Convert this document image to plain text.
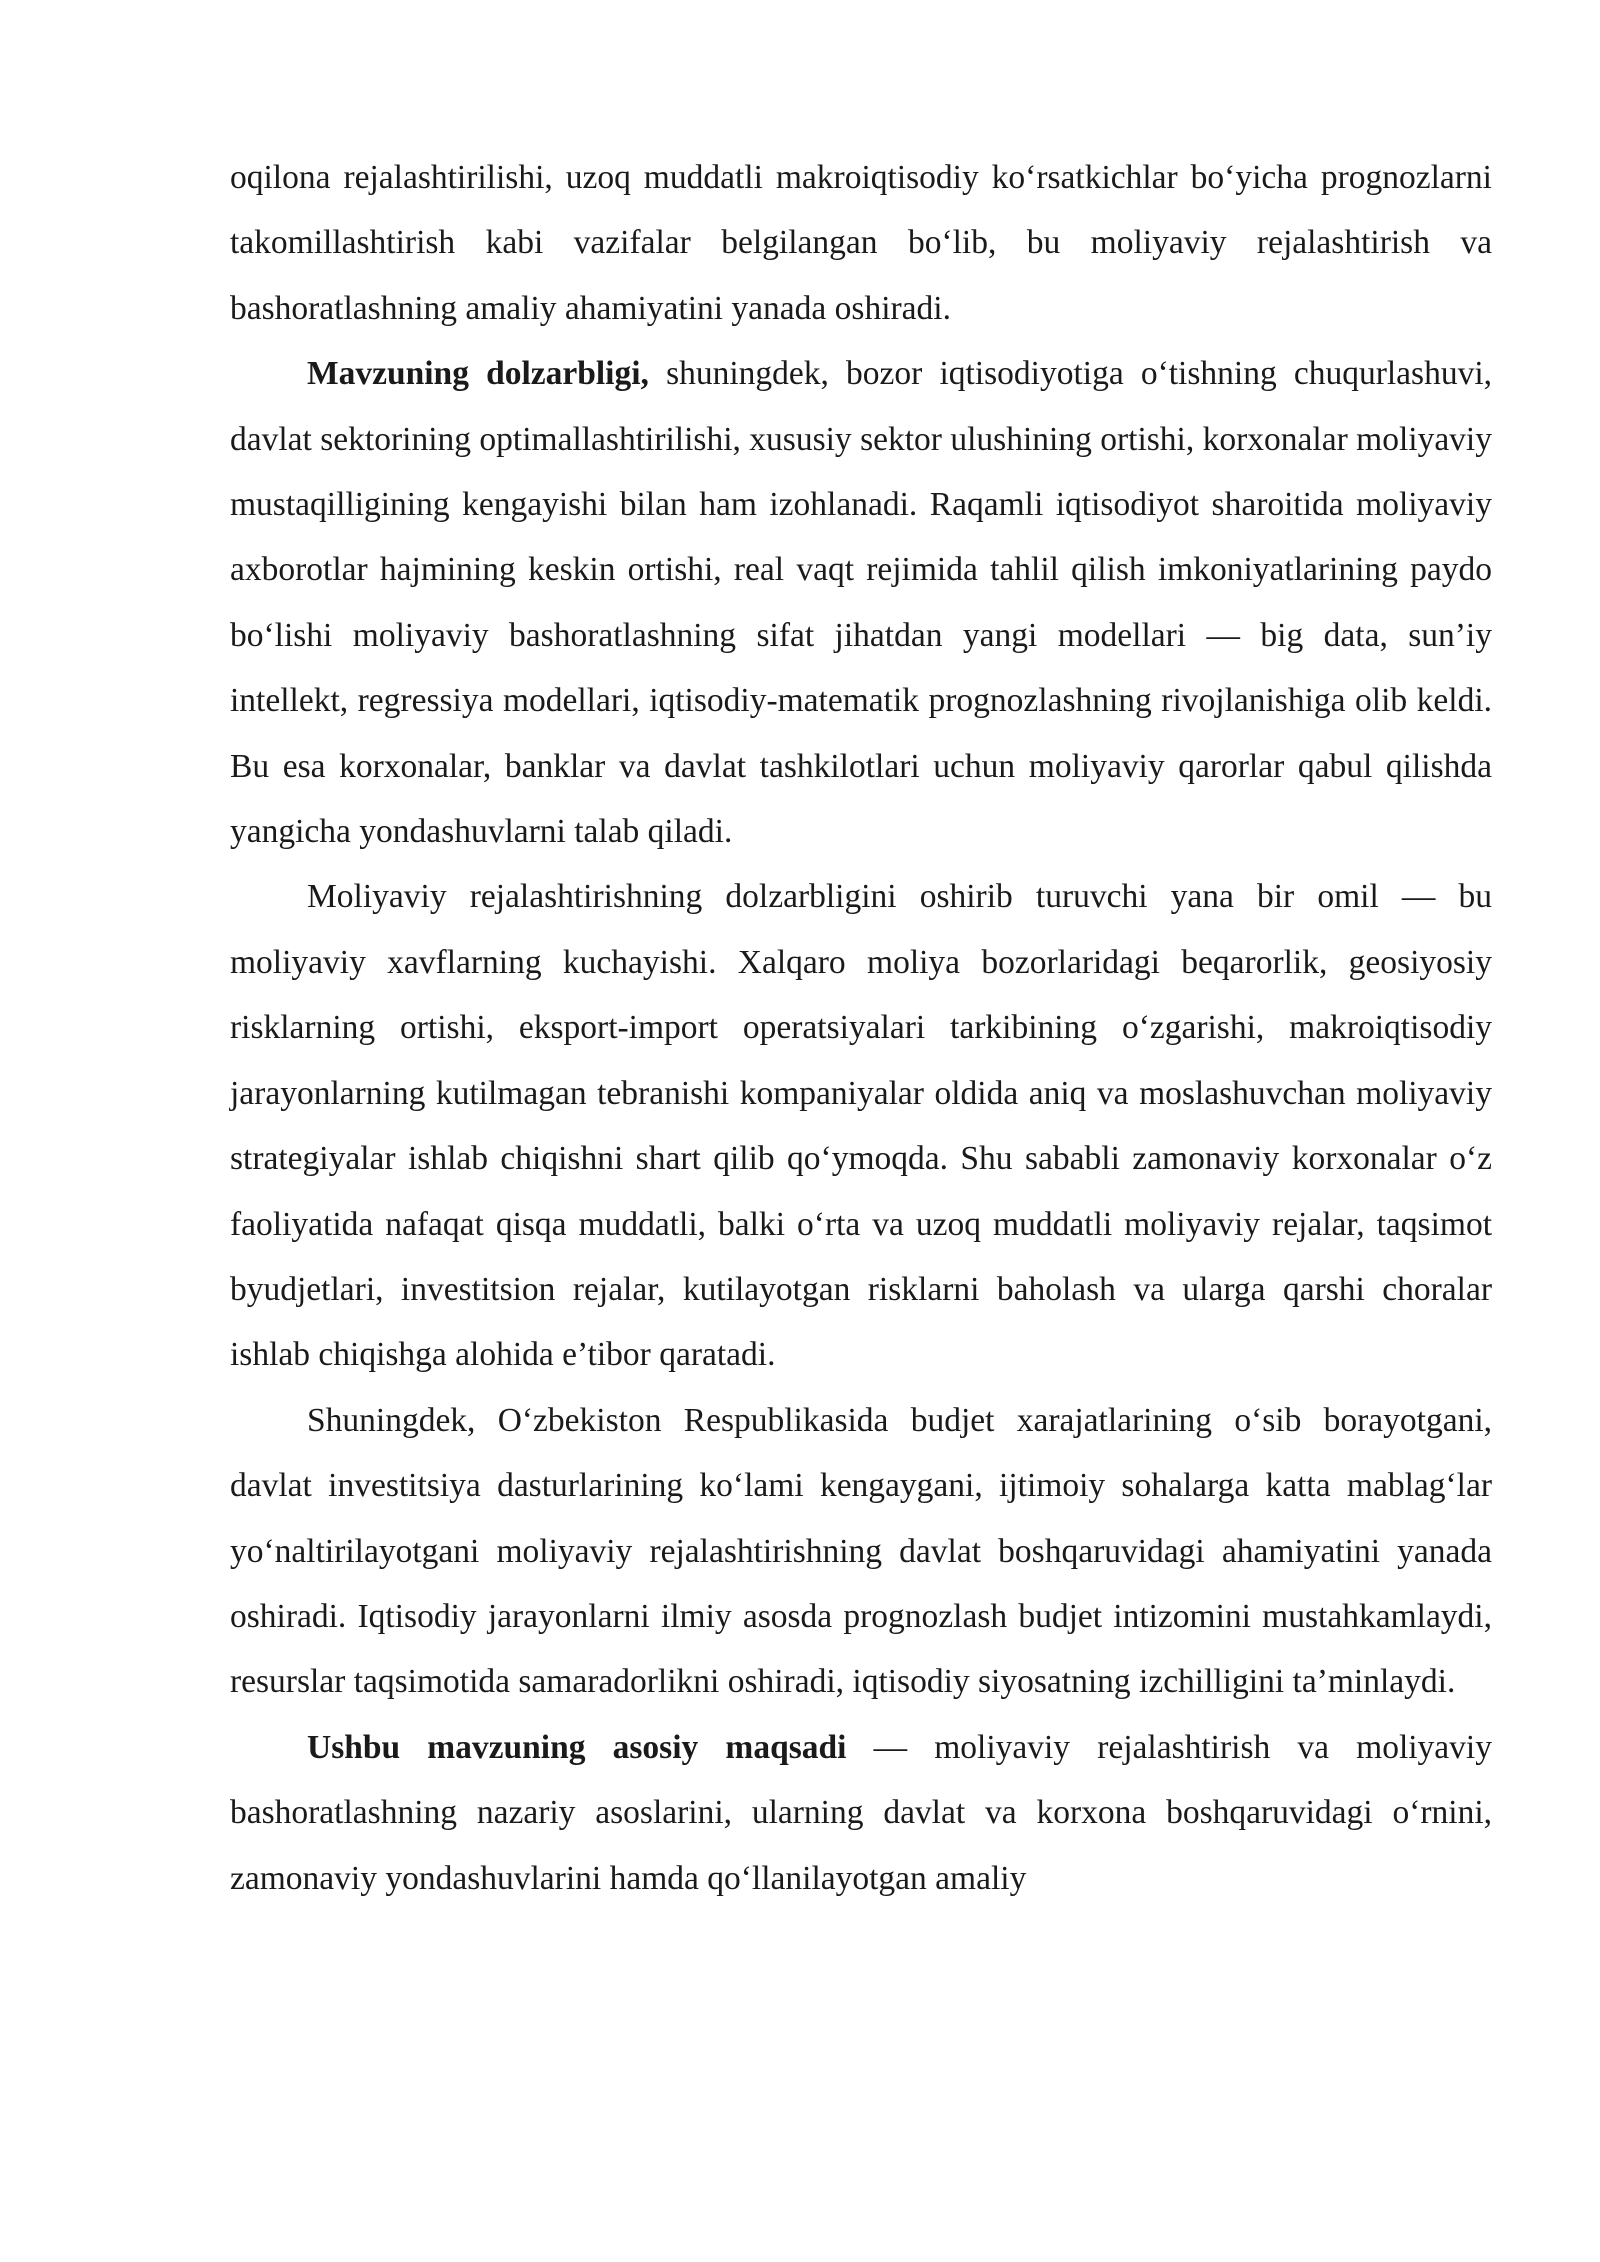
oqilona rejalashtirilishi, uzoq muddatli makroiqtisodiy koʻrsatkichlar boʻyicha prognozlarni takomillashtirish kabi vazifalar belgilangan boʻlib, bu moliyaviy rejalashtirish va bashoratlashning amaliy ahamiyatini yanada oshiradi.

Mavzuning dolzarbligi, shuningdek, bozor iqtisodiyotiga oʻtishning chuqurlashuvi, davlat sektorining optimallashtirilishi, xususiy sektor ulushining ortishi, korxonalar moliyaviy mustaqilligining kengayishi bilan ham izohlanadi. Raqamli iqtisodiyot sharoitida moliyaviy axborotlar hajmining keskin ortishi, real vaqt rejimida tahlil qilish imkoniyatlarining paydo boʻlishi moliyaviy bashoratlashning sifat jihatdan yangi modellari — big data, sun’iy intellekt, regressiya modellari, iqtisodiy-matematik prognozlashning rivojlanishiga olib keldi. Bu esa korxonalar, banklar va davlat tashkilotlari uchun moliyaviy qarorlar qabul qilishda yangicha yondashuvlarni talab qiladi.

Moliyaviy rejalashtirishning dolzarbligini oshirib turuvchi yana bir omil — bu moliyaviy xavflarning kuchayishi. Xalqaro moliya bozorlaridagi beqarorlik, geosiyosiy risklarning ortishi, eksport-import operatsiyalari tarkibining oʻzgarishi, makroiqtisodiy jarayonlarning kutilmagan tebranishi kompaniyalar oldida aniq va moslashuvchan moliyaviy strategiyalar ishlab chiqishni shart qilib qoʻymoqda. Shu sababli zamonaviy korxonalar oʻz faoliyatida nafaqat qisqa muddatli, balki oʻrta va uzoq muddatli moliyaviy rejalar, taqsimot byudjetlari, investitsion rejalar, kutilayotgan risklarni baholash va ularga qarshi choralar ishlab chiqishga alohida e’tibor qaratadi.

Shuningdek, Oʻzbekiston Respublikasida budjet xarajatlarining oʻsib borayotgani, davlat investitsiya dasturlarining koʻlami kengaygani, ijtimoiy sohalarga katta mablagʻlar yoʻnaltirilayotgani moliyaviy rejalashtirishning davlat boshqaruvidagi ahamiyatini yanada oshiradi. Iqtisodiy jarayonlarni ilmiy asosda prognozlash budjet intizomini mustahkamlaydi, resurslar taqsimotida samaradorlikni oshiradi, iqtisodiy siyosatning izchilligini ta’minlaydi.

Ushbu mavzuning asosiy maqsadi — moliyaviy rejalashtirish va moliyaviy bashoratlashning nazariy asoslarini, ularning davlat va korxona boshqaruvidagi oʻrnini, zamonaviy yondashuvlarini hamda qoʻllanilayotgan amaliy
